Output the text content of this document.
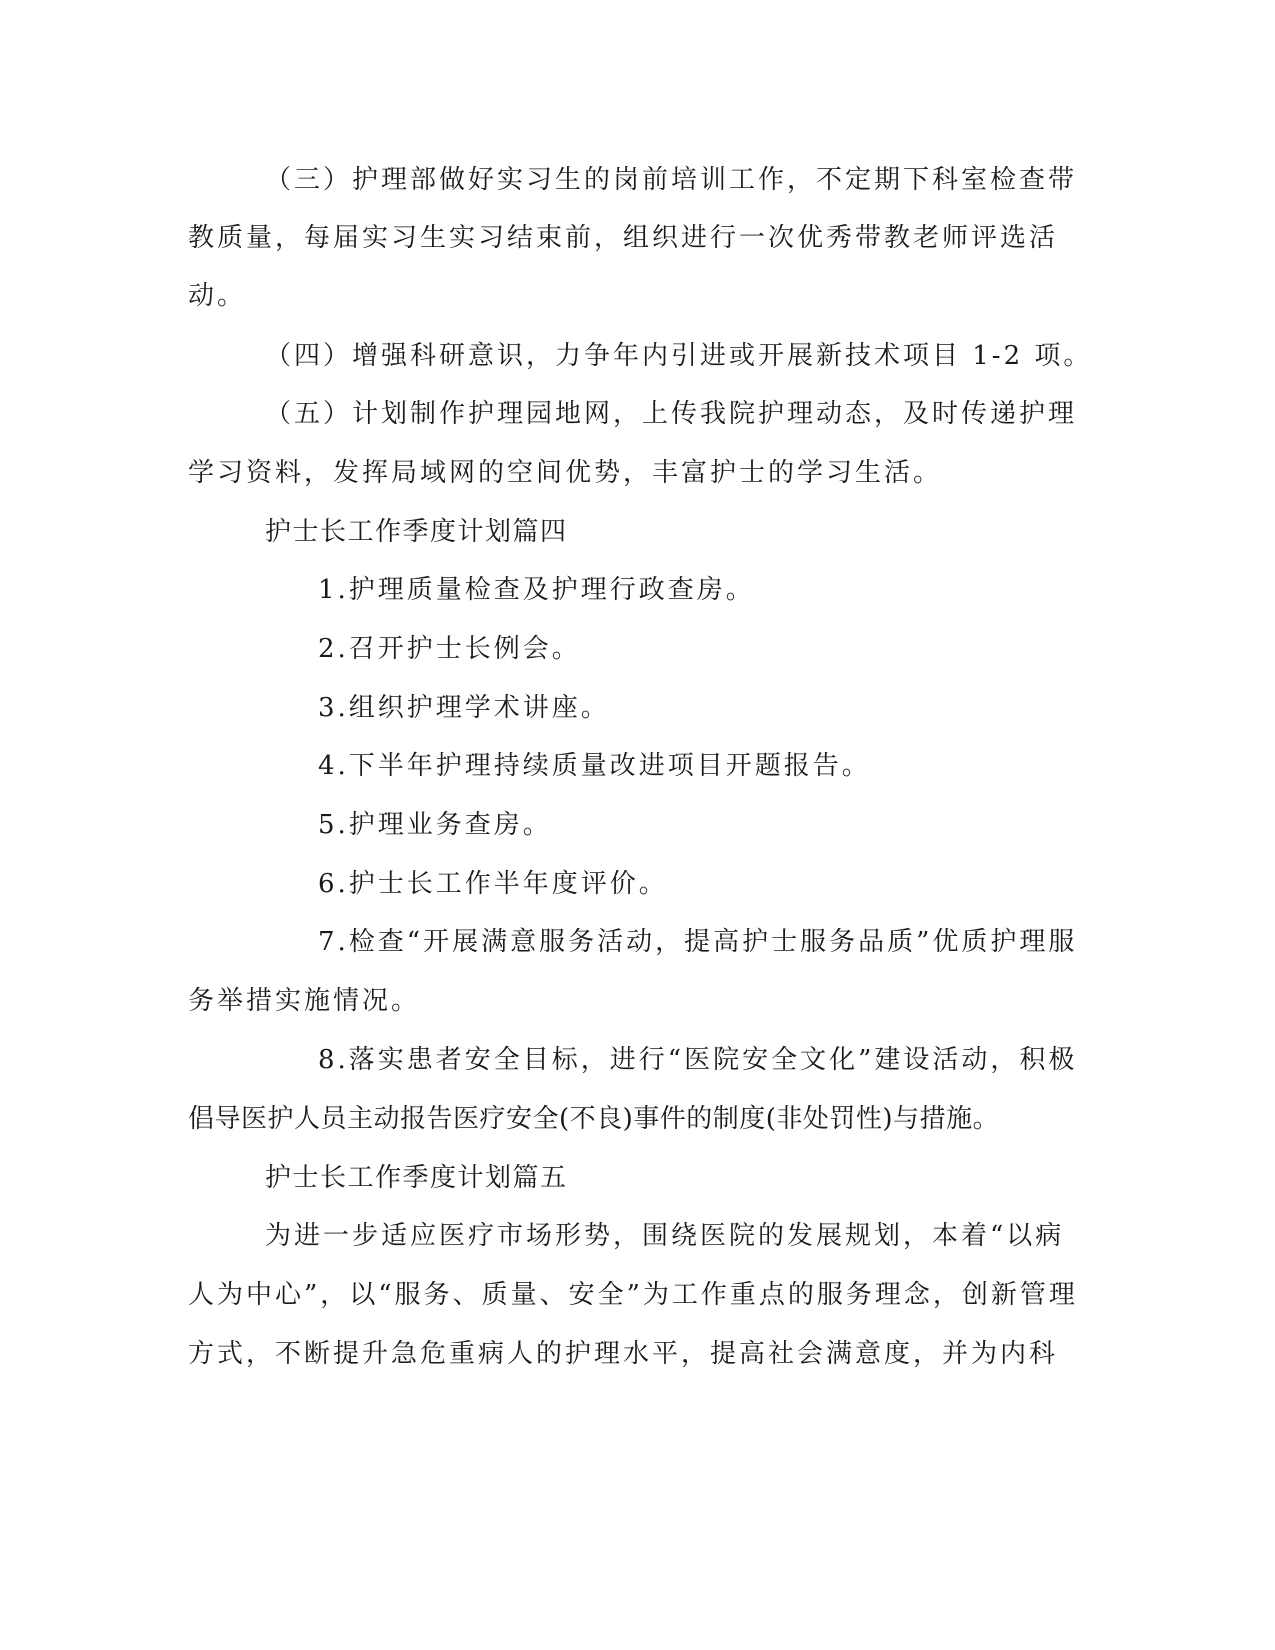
（三）护理部做好实习生的岗前培训工作，不定期下科室检查带
教质量，每届实习生实习结束前，组织进行一次优秀带教老师评选活
动。
（四）增强科研意识，力争年内引进或开展新技术项目 1-2 项。
（五）计划制作护理园地网，上传我院护理动态，及时传递护理
学习资料，发挥局域网的空间优势，丰富护士的学习生活。
护士长工作季度计划篇四
1.护理质量检查及护理行政查房。
2.召开护士长例会。
3.组织护理学术讲座。
4.下半年护理持续质量改进项目开题报告。
5.护理业务查房。
6.护士长工作半年度评价。
7.检查“开展满意服务活动，提高护士服务品质”优质护理服
务举措实施情况。
8.落实患者安全目标，进行“医院安全文化”建设活动，积极
倡导医护人员主动报告医疗安全(不良)事件的制度(非处罚性)与措施。
护士长工作季度计划篇五
为进一步适应医疗市场形势，围绕医院的发展规划，本着“以病
人为中心”，以“服务、质量、安全”为工作重点的服务理念，创新管理
方式，不断提升急危重病人的护理水平，提高社会满意度，并为内科
